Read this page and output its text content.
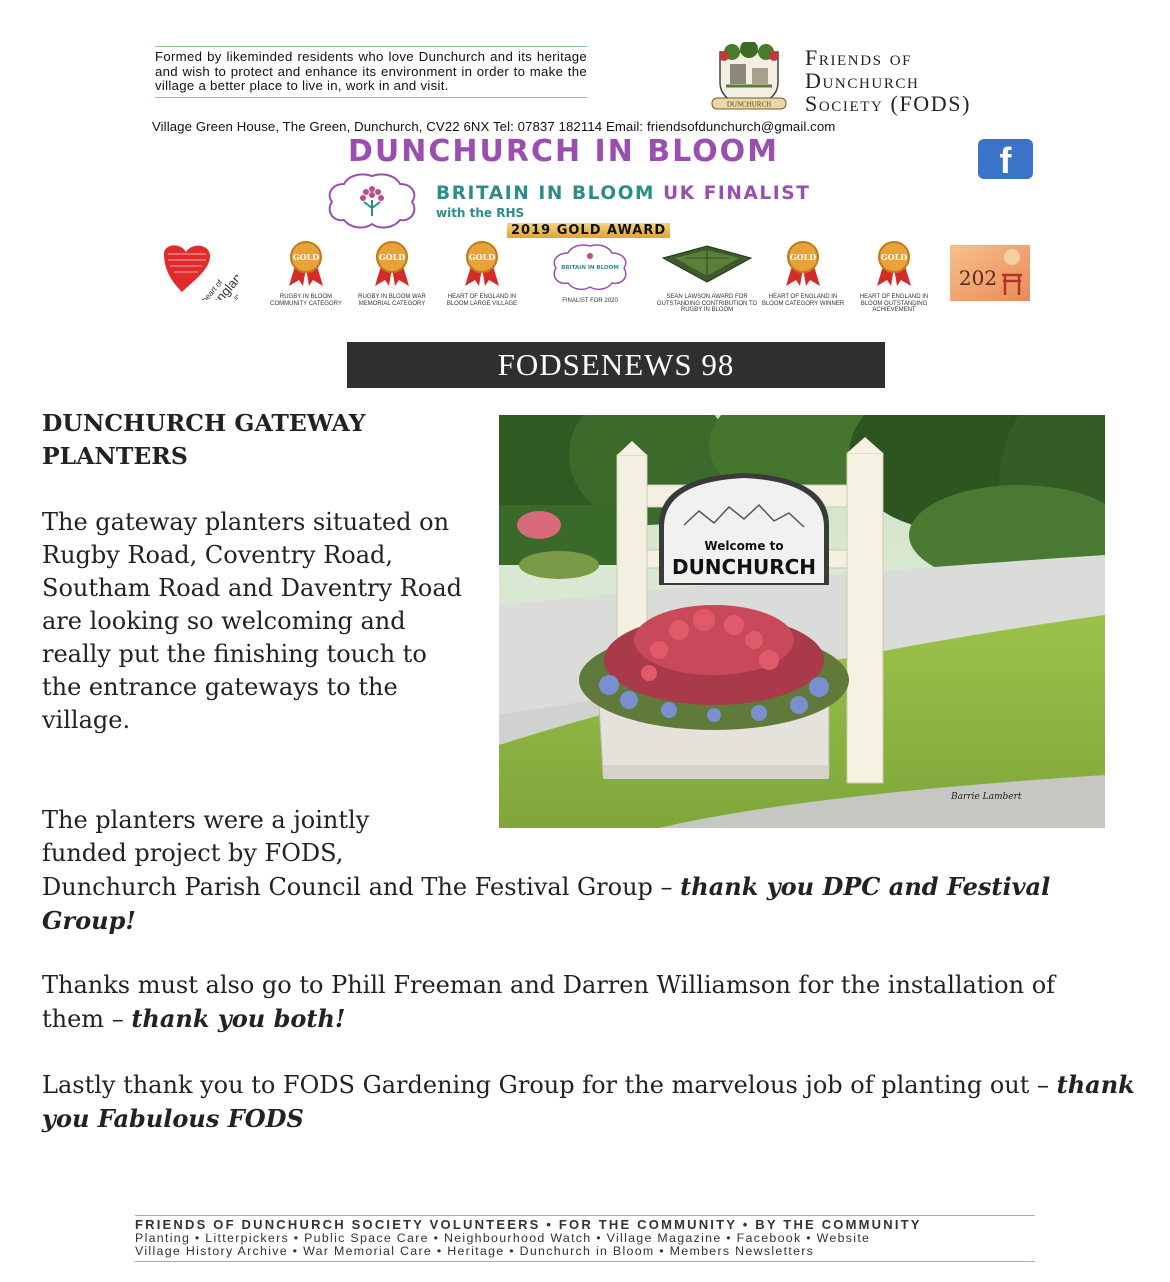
Formed by likeminded residents who love Dunchurch and its heritage and wish to protect and enhance its environment in order to make the village a better place to live in, work in and visit.
DUNCHURCH
Friends of
Dunchurch
Society (FODS)
Village Green House, The Green, Dunchurch, CV22 6NX Tel: 07837 182114 Email: friendsofdunchurch@gmail.com
DUNCHURCH IN BLOOM	f
BRITAIN IN BLOOM UK FINALIST
with the RHS
2019 GOLD AWARD
heart of
england
in
GOLD
RUGBY IN BLOOM COMMUNITY CATEGORY
GOLD
RUGBY IN BLOOM WAR MEMORIAL CATEGORY
GOLD
HEART OF ENGLAND IN BLOOM LARGE VILLAGE
BRITAIN IN BLOOM
FINALIST FOR 2020
SEAN LAWSON AWARD FOR OUTSTANDING CONTRIBUTION TO RUGBY IN BLOOM
GOLD
HEART OF ENGLAND IN BLOOM CATEGORY WINNER
GOLD
HEART OF ENGLAND IN BLOOM OUTSTANDING ACHIEVEMENT
202
FODSENEWS 98
DUNCHURCH GATEWAY PLANTERS
The gateway planters situated on Rugby Road, Coventry Road, Southam Road and Daventry Road are looking so welcoming and really put the finishing touch to the entrance gateways to the village.
The planters were a jointly funded project by FODS,
Dunchurch Parish Council and The Festival Group – thank you DPC and Festival Group!
Thanks must also go to Phill Freeman and Darren Williamson for the installation of them – thank you both!
Lastly thank you to FODS Gardening Group for the marvelous job of planting out – thank you Fabulous FODS
Welcome to
DUNCHURCH
Barrie Lambert
FRIENDS OF DUNCHURCH SOCIETY VOLUNTEERS • FOR THE COMMUNITY • BY THE COMMUNITY
Planting • Litterpickers • Public Space Care • Neighbourhood Watch • Village Magazine • Facebook • Website
Village History Archive • War Memorial Care • Heritage • Dunchurch in Bloom • Members Newsletters
